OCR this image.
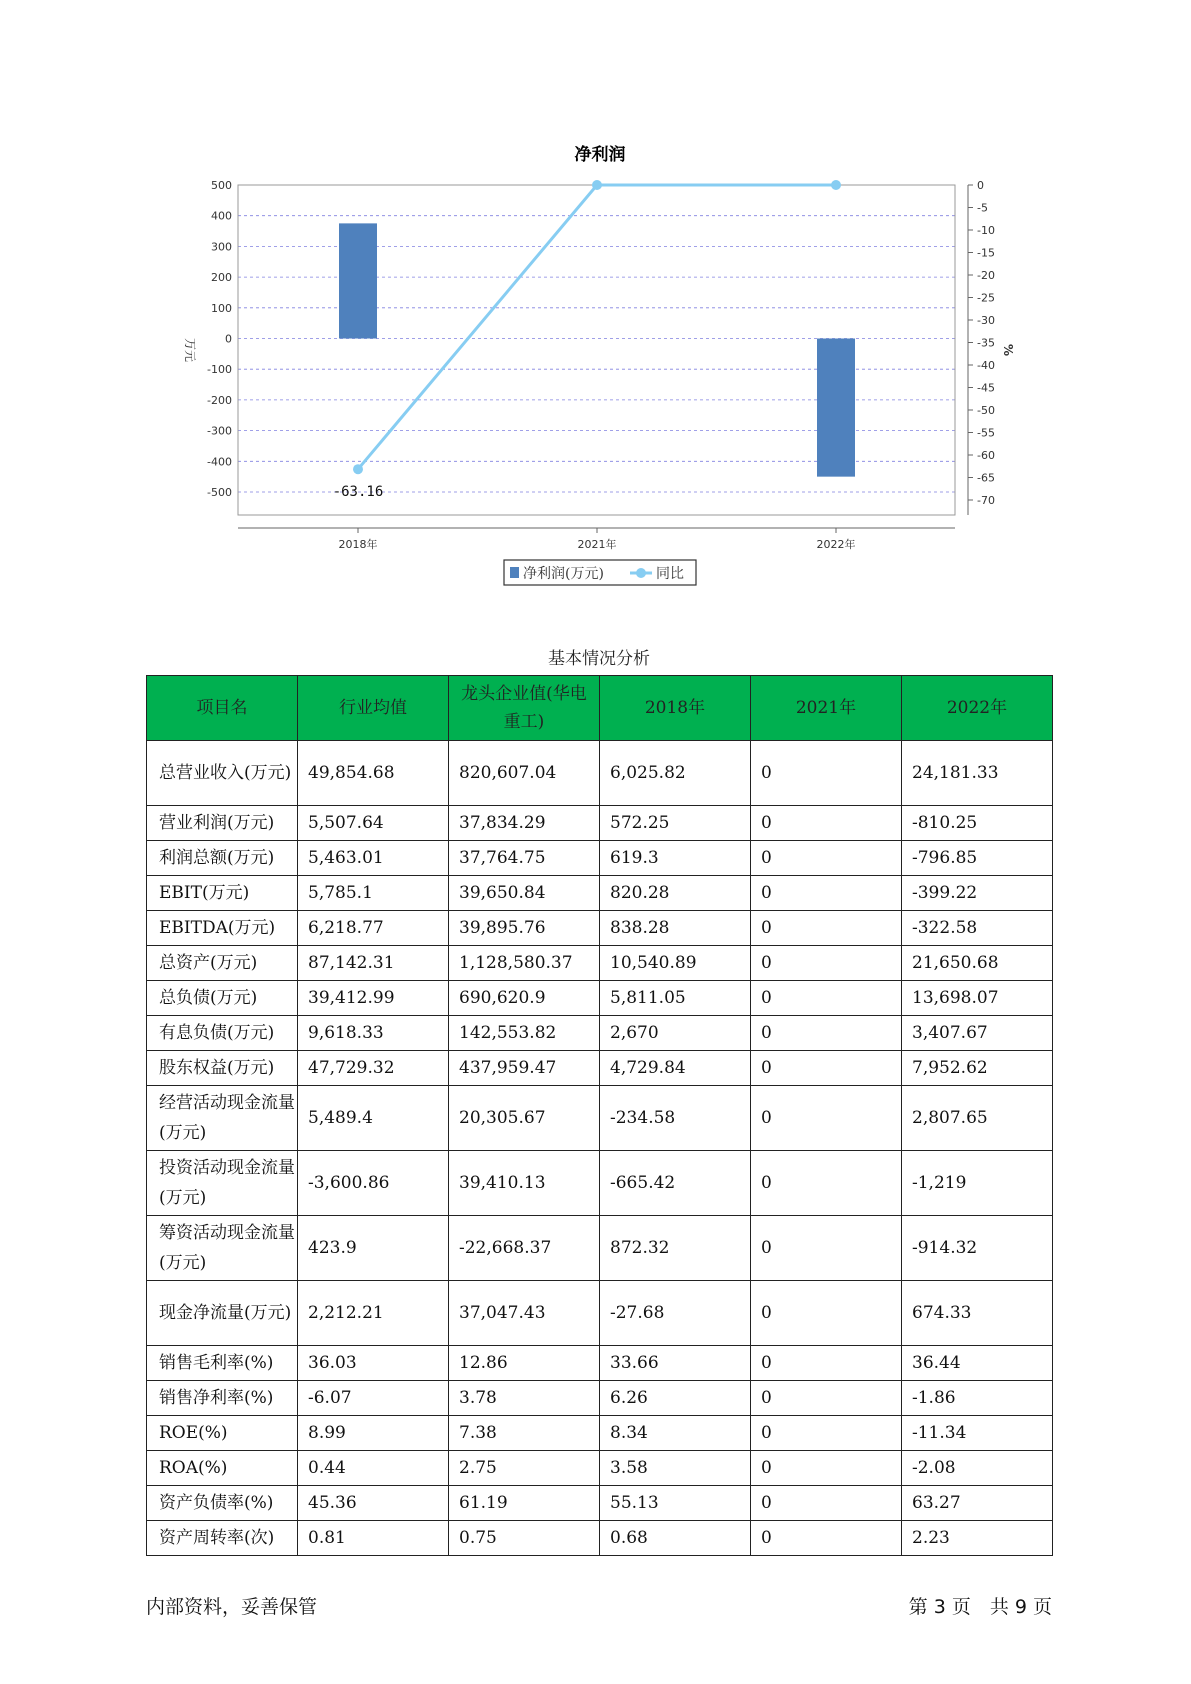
净利润
500
400
300
200
100
0
-100
-200
-300
-400
-500
0
-5
-10
-15
-20
-25
-30
-35
-40
-45
-50
-55
-60
-65
-70
万元	%
2018年	2021年	2022年
-63.16
净利润(万元)	同比
基本情况分析
项目名	行业均值	龙头企业值(华电重工)	2018年	2021年	2022年
总营业收入(万元)	49,854.68	820,607.04	6,025.82	0	24,181.33
营业利润(万元)	5,507.64	37,834.29	572.25	0	-810.25
利润总额(万元)	5,463.01	37,764.75	619.3	0	-796.85
EBIT(万元)	5,785.1	39,650.84	820.28	0	-399.22
EBITDA(万元)	6,218.77	39,895.76	838.28	0	-322.58
总资产(万元)	87,142.31	1,128,580.37	10,540.89	0	21,650.68
总负债(万元)	39,412.99	690,620.9	5,811.05	0	13,698.07
有息负债(万元)	9,618.33	142,553.82	2,670	0	3,407.67
股东权益(万元)	47,729.32	437,959.47	4,729.84	0	7,952.62
经营活动现金流量(万元)	5,489.4	20,305.67	-234.58	0	2,807.65
投资活动现金流量(万元)	-3,600.86	39,410.13	-665.42	0	-1,219
筹资活动现金流量(万元)	423.9	-22,668.37	872.32	0	-914.32
现金净流量(万元)	2,212.21	37,047.43	-27.68	0	674.33
销售毛利率(%)	36.03	12.86	33.66	0	36.44
销售净利率(%)	-6.07	3.78	6.26	0	-1.86
ROE(%)	8.99	7.38	8.34	0	-11.34
ROA(%)	0.44	2.75	3.58	0	-2.08
资产负债率(%)	45.36	61.19	55.13	0	63.27
资产周转率(次)	0.81	0.75	0.68	0	2.23
内部资料，妥善保管	第 3 页　共 9 页
